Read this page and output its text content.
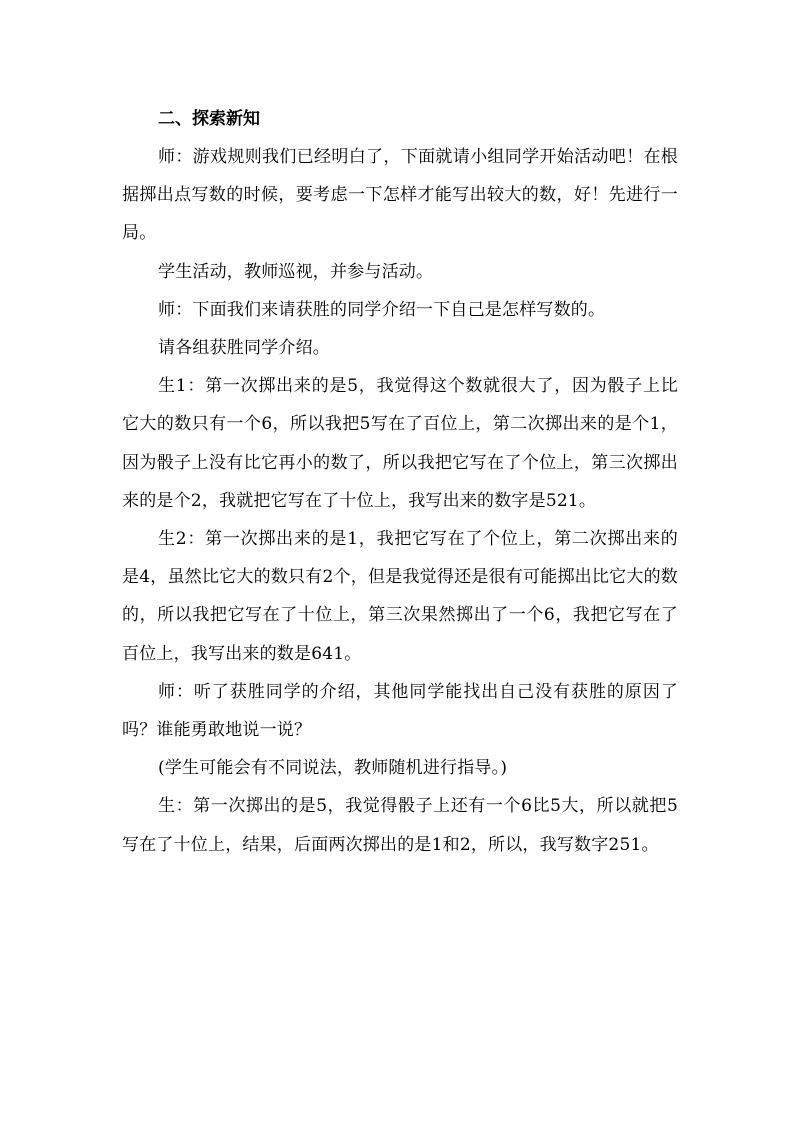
二、探索新知

师：游戏规则我们已经明白了，下面就请小组同学开始活动吧！在根据掷出点写数的时候，要考虑一下怎样才能写出较大的数，好！先进行一局。

学生活动，教师巡视，并参与活动。

师：下面我们来请获胜的同学介绍一下自己是怎样写数的。

请各组获胜同学介绍。

生1：第一次掷出来的是5，我觉得这个数就很大了，因为骰子上比它大的数只有一个6，所以我把5写在了百位上，第二次掷出来的是个1，因为骰子上没有比它再小的数了，所以我把它写在了个位上，第三次掷出来的是个2，我就把它写在了十位上，我写出来的数字是521。

生2：第一次掷出来的是1，我把它写在了个位上，第二次掷出来的是4，虽然比它大的数只有2个，但是我觉得还是很有可能掷出比它大的数的，所以我把它写在了十位上，第三次果然掷出了一个6，我把它写在了百位上，我写出来的数是641。

师：听了获胜同学的介绍，其他同学能找出自己没有获胜的原因了吗？谁能勇敢地说一说？

(学生可能会有不同说法，教师随机进行指导。)

生：第一次掷出的是5，我觉得骰子上还有一个6比5大，所以就把5写在了十位上，结果，后面两次掷出的是1和2，所以，我写数字251。
